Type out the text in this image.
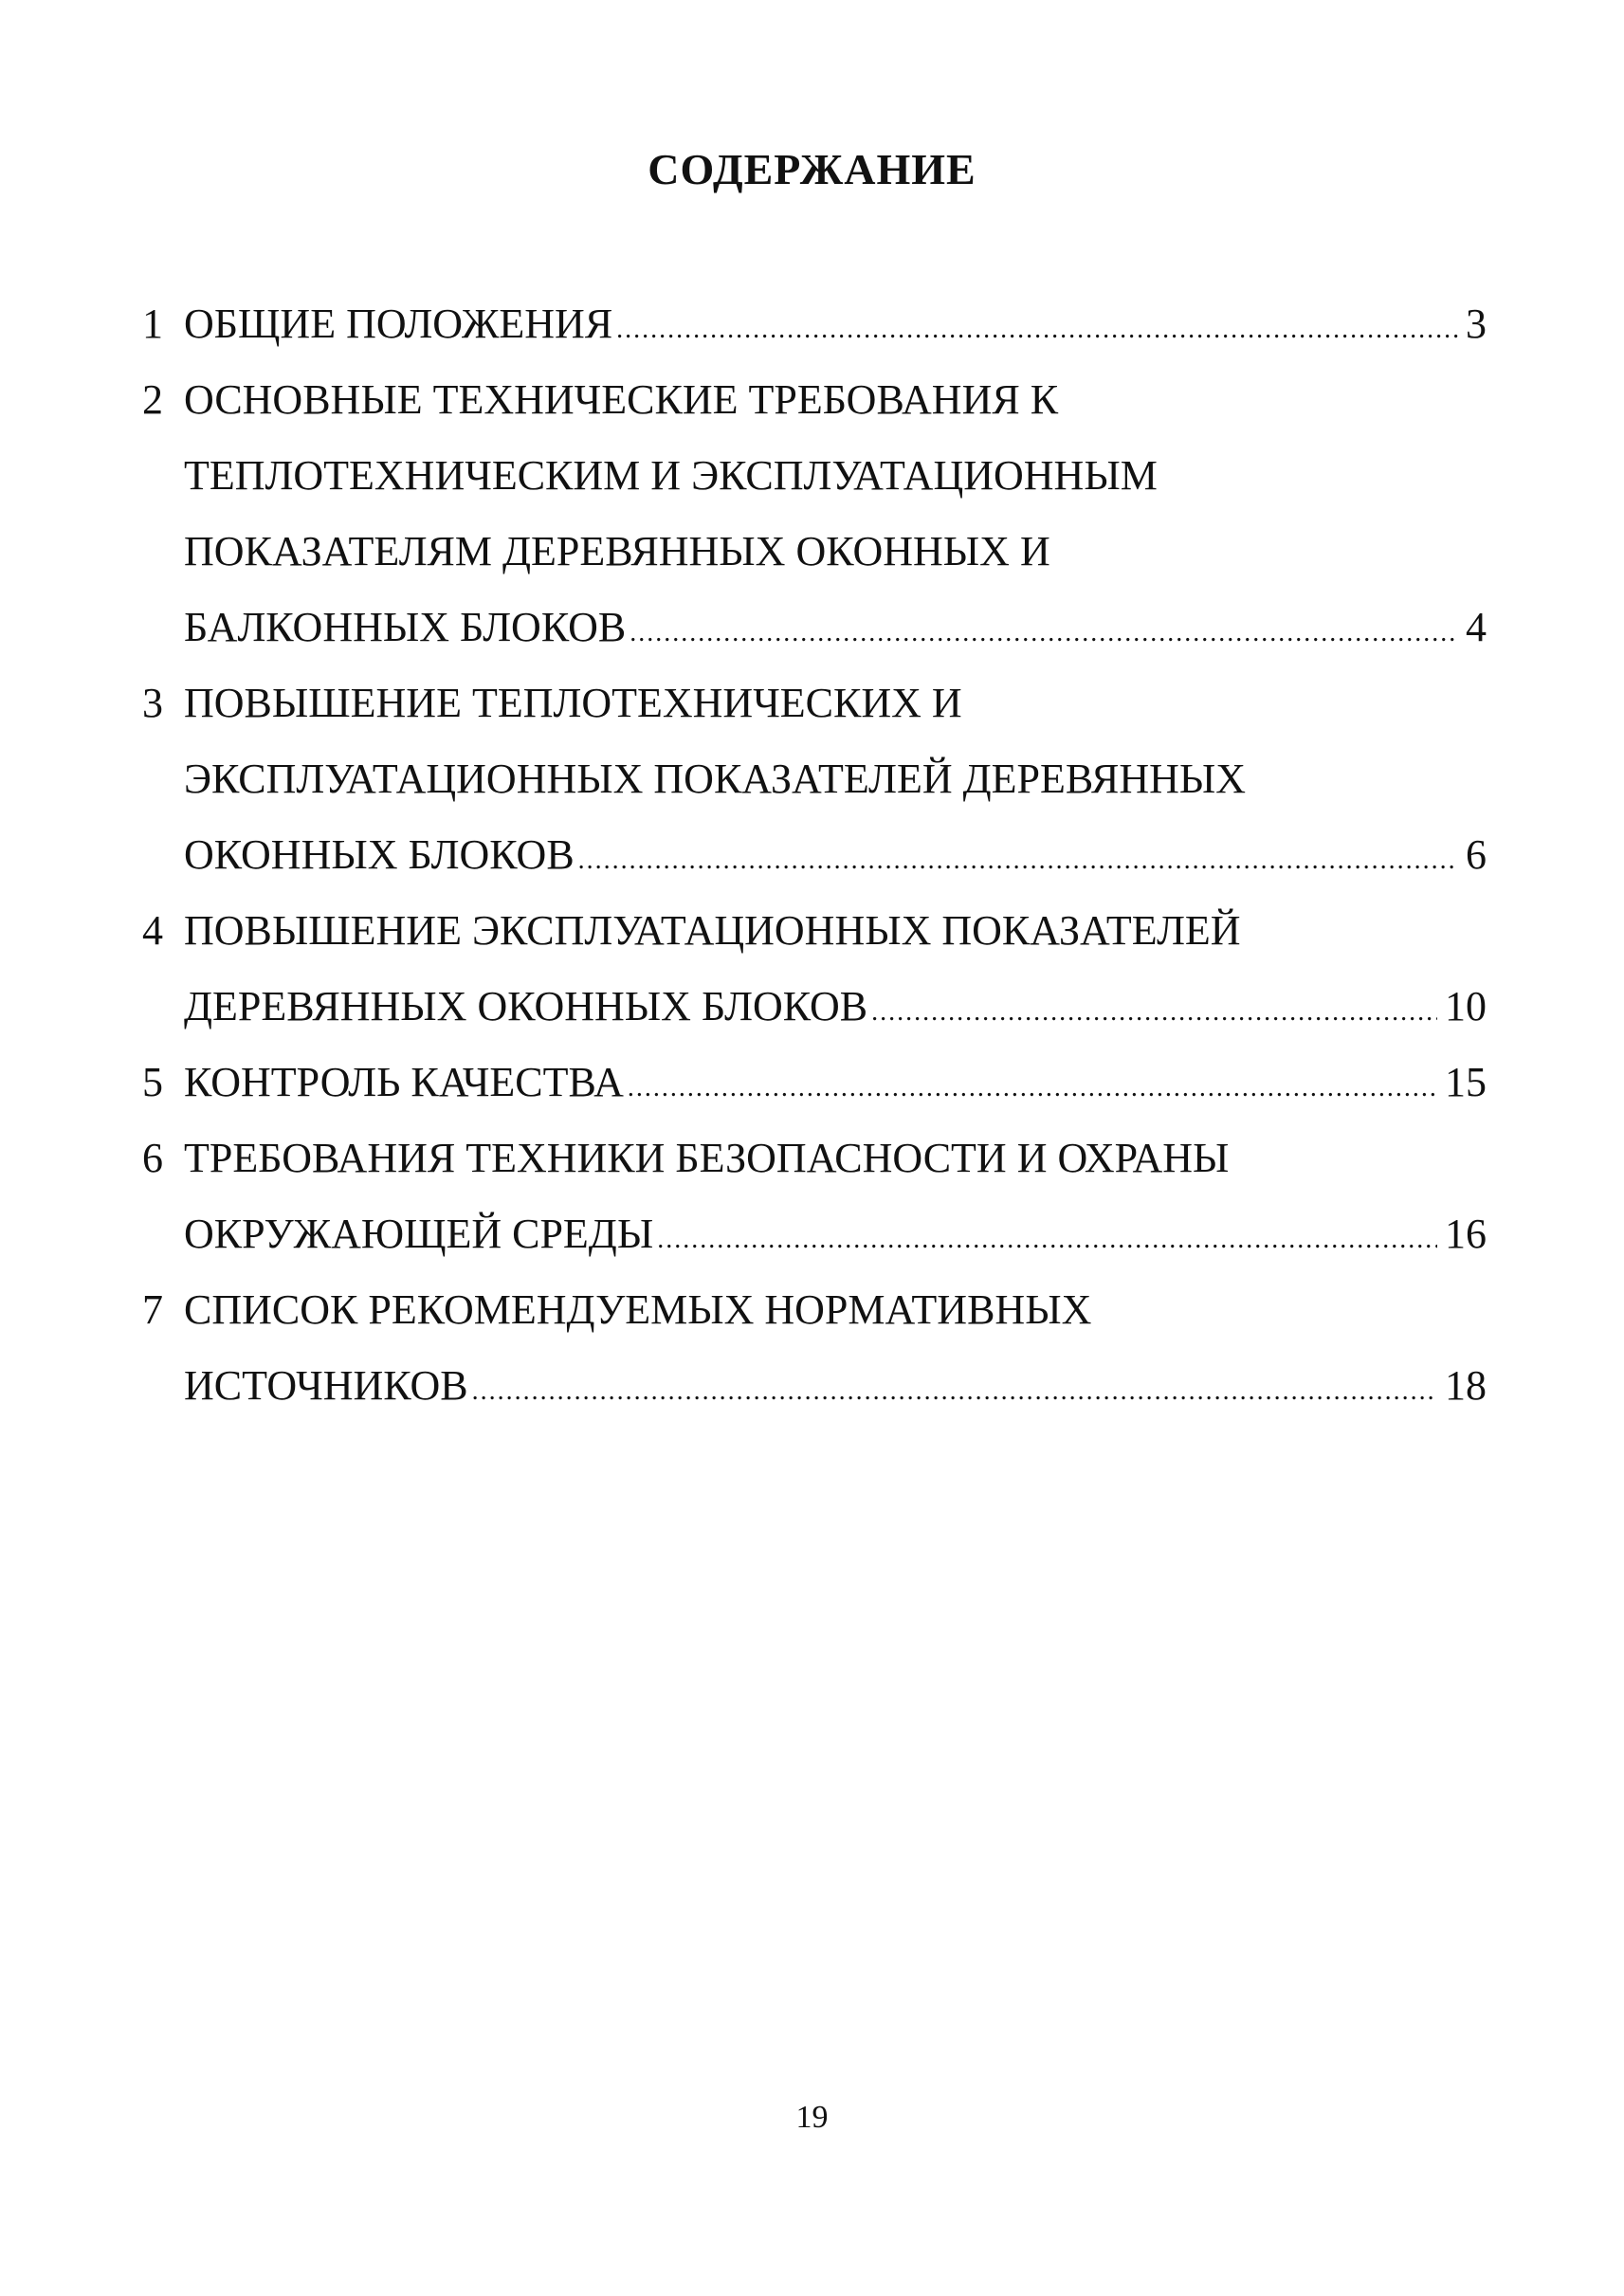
СОДЕРЖАНИЕ
1 ОБЩИЕ ПОЛОЖЕНИЯ .....	3
2 ОСНОВНЫЕ ТЕХНИЧЕСКИЕ ТРЕБОВАНИЯ К
ТЕПЛОТЕХНИЧЕСКИМ И ЭКСПЛУАТАЦИОННЫМ
ПОКАЗАТЕЛЯМ ДЕРЕВЯННЫХ ОКОННЫХ И
БАЛКОННЫХ БЛОКОВ .....	4
3 ПОВЫШЕНИЕ ТЕПЛОТЕХНИЧЕСКИХ И
ЭКСПЛУАТАЦИОННЫХ ПОКАЗАТЕЛЕЙ ДЕРЕВЯННЫХ
ОКОННЫХ БЛОКОВ .....	6
4 ПОВЫШЕНИЕ ЭКСПЛУАТАЦИОННЫХ ПОКАЗАТЕЛЕЙ
ДЕРЕВЯННЫХ ОКОННЫХ БЛОКОВ .....	10
5 КОНТРОЛЬ КАЧЕСТВА .....	15
6 ТРЕБОВАНИЯ ТЕХНИКИ БЕЗОПАСНОСТИ И ОХРАНЫ
ОКРУЖАЮЩЕЙ СРЕДЫ .....	16
7 СПИСОК РЕКОМЕНДУЕМЫХ НОРМАТИВНЫХ
ИСТОЧНИКОВ .....	18

19
